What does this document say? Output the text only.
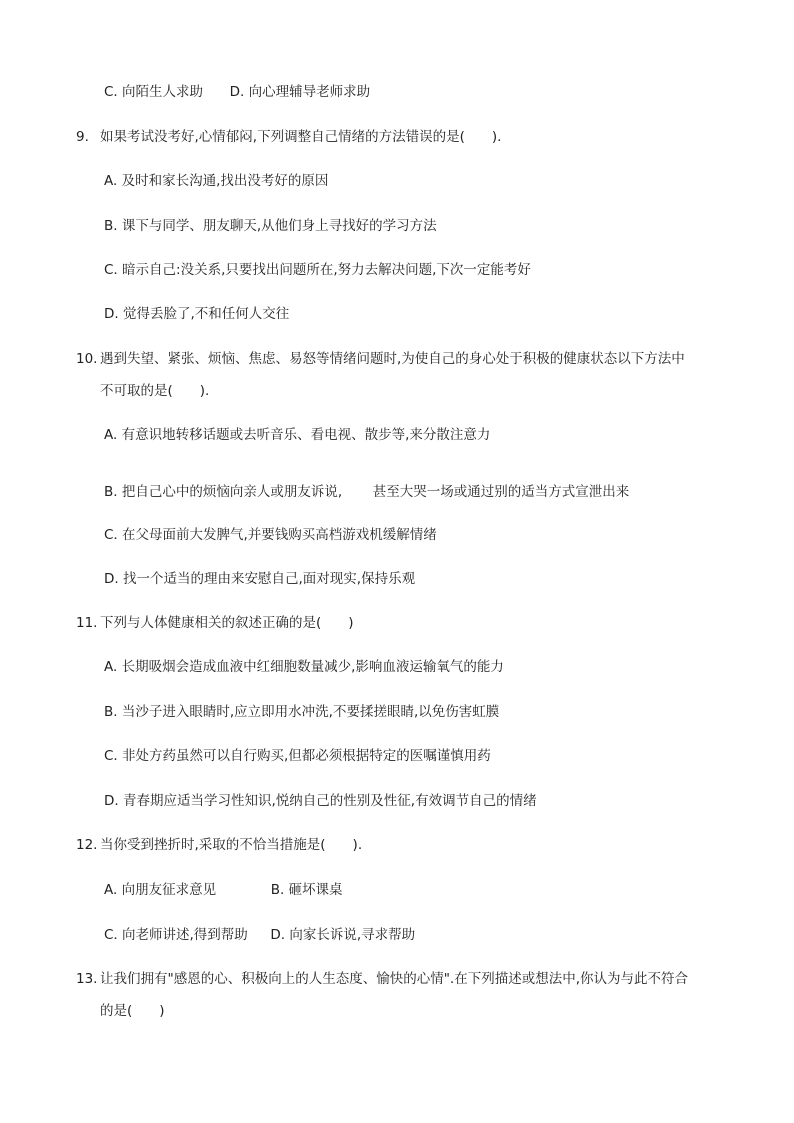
C. 向陌生人求助 D. 向心理辅导老师求助
9. 如果考试没考好,心情郁闷,下列调整自己情绪的方法错误的是(　　).
A. 及时和家长沟通,找出没考好的原因
B. 课下与同学、朋友聊天,从他们身上寻找好的学习方法
C. 暗示自己:没关系,只要找出问题所在,努力去解决问题,下次一定能考好
D. 觉得丢脸了,不和任何人交往
10. 遇到失望、紧张、烦恼、焦虑、易怒等情绪问题时,为使自己的身心处于积极的健康状态以下方法中
不可取的是(　　).
A. 有意识地转移话题或去听音乐、看电视、散步等,来分散注意力
B. 把自己心中的烦恼向亲人或朋友诉说, 甚至大哭一场或通过别的适当方式宣泄出来
C. 在父母面前大发脾气,并要钱购买高档游戏机缓解情绪
D. 找一个适当的理由来安慰自己,面对现实,保持乐观
11. 下列与人体健康相关的叙述正确的是(　　)
A. 长期吸烟会造成血液中红细胞数量减少,影响血液运输氧气的能力
B. 当沙子进入眼睛时,应立即用水冲洗,不要揉搓眼睛,以免伤害虹膜
C. 非处方药虽然可以自行购买,但都必须根据特定的医嘱谨慎用药
D. 青春期应适当学习性知识,悦纳自己的性别及性征,有效调节自己的情绪
12. 当你受到挫折时,采取的不恰当措施是(　　).
A. 向朋友征求意见	B. 砸坏课桌
C. 向老师讲述,得到帮助 D. 向家长诉说,寻求帮助
13. 让我们拥有"感恩的心、积极向上的人生态度、愉快的心情".在下列描述或想法中,你认为与此不符合
的是(　　)
